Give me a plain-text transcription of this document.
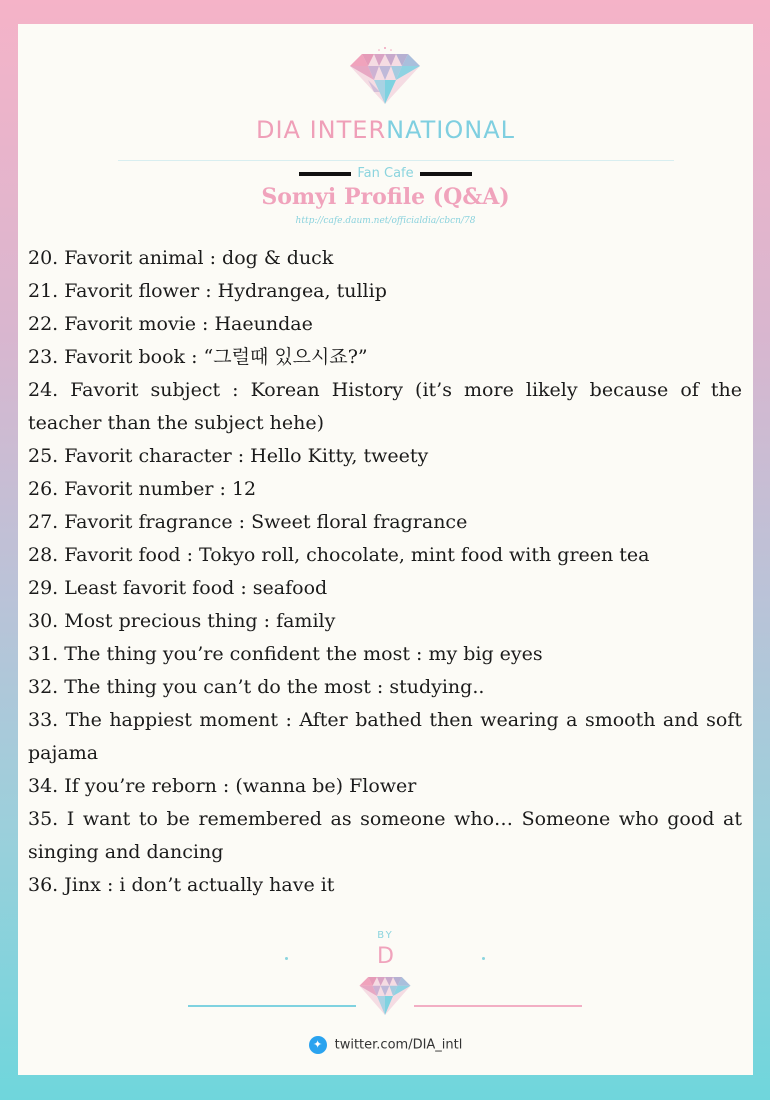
DIA INTERNATIONAL
Fan Cafe
Somyi Profile (Q&A)
http://cafe.daum.net/officialdia/cbcn/78

20. Favorit animal : dog & duck

21. Favorit flower : Hydrangea, tullip

22. Favorit movie : Haeundae

23. Favorit book : “그럴때 있으시죠?”

24. Favorit subject : Korean History (it’s more likely because of the teacher than the subject hehe)

25. Favorit character : Hello Kitty, tweety

26. Favorit number : 12

27. Favorit fragrance : Sweet floral fragrance

28. Favorit food : Tokyo roll, chocolate, mint food with green tea

29. Least favorit food : seafood

30. Most precious thing : family

31. The thing you’re confident the most : my big eyes

32. The thing you can’t do the most : studying..

33. The happiest moment : After bathed then wearing a smooth and soft pajama

34. If you’re reborn : (wanna be) Flower

35. I want to be remembered as someone who… Someone who good at singing and dancing

36. Jinx : i don’t actually have it

BY
D
✦ twitter.com/DIA_intl
